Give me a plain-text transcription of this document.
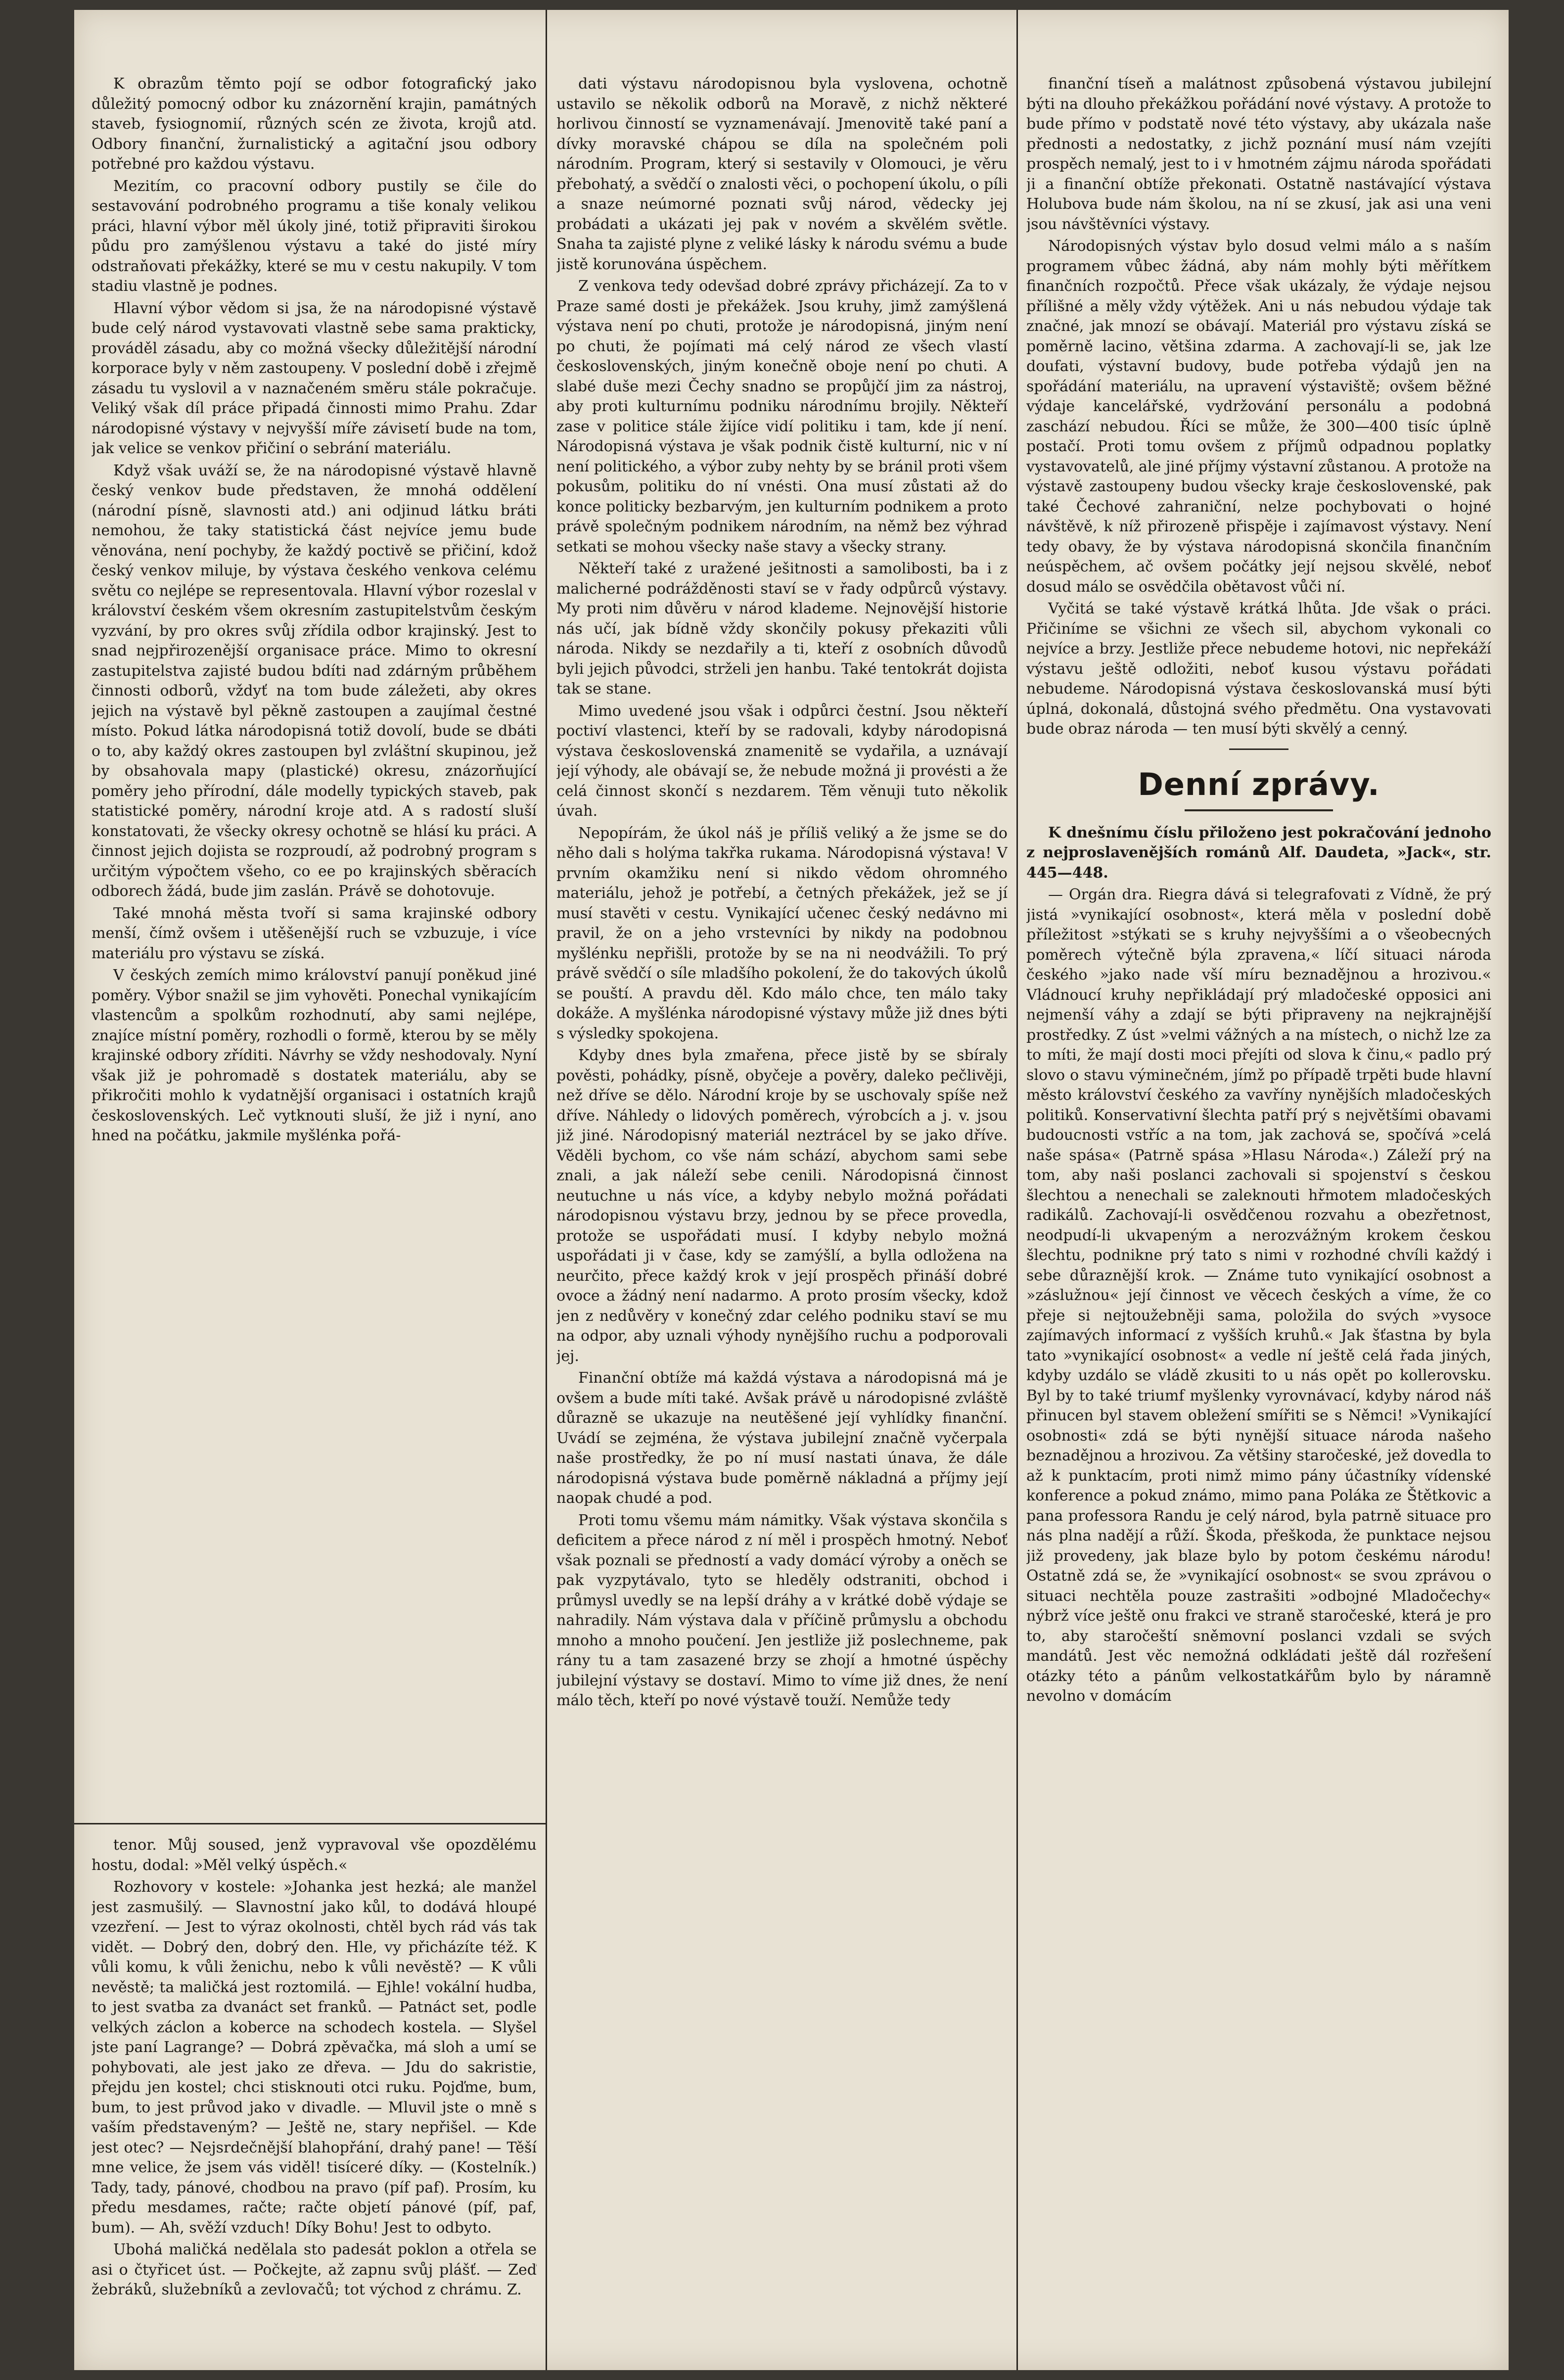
K obrazům těmto pojí se odbor fotografický jako důležitý pomocný odbor ku znázornění krajin, památných staveb, fysiognomií, různých scén ze života, krojů atd. Odbory finanční, žurnalistický a agitační jsou odbory potřebné pro každou výstavu.

Mezitím, co pracovní odbory pustily se čile do sestavování podrobného programu a tiše konaly velikou práci, hlavní výbor měl úkoly jiné, totiž připraviti širokou půdu pro zamýšlenou výstavu a také do jisté míry odstraňovati překážky, které se mu v cestu nakupily. V tom stadiu vlastně je podnes.

Hlavní výbor vědom si jsa, že na národopisné výstavě bude celý národ vystavovati vlastně sebe sama prakticky, prováděl zásadu, aby co možná všecky důležitější národní korporace byly v něm zastoupeny. V poslední době i zřejmě zásadu tu vyslovil a v naznačeném směru stále pokračuje. Veliký však díl práce připadá činnosti mimo Prahu. Zdar národopisné výstavy v nejvyšší míře závisetí bude na tom, jak velice se venkov přičiní o sebrání materiálu.

Když však uváží se, že na národopisné výstavě hlavně český venkov bude představen, že mnohá oddělení (národní písně, slavnosti atd.) ani odjinud látku bráti nemohou, že taky statistická část nejvíce jemu bude věnována, není pochyby, že každý poctivě se přičiní, kdož český venkov miluje, by výstava českého venkova celému světu co nejlépe se representovala. Hlavní výbor rozeslal v království českém všem okresním zastupitelstvům českým vyzvání, by pro okres svůj zřídila odbor krajinský. Jest to snad nejpřirozenější organisace práce. Mimo to okresní zastupitelstva zajisté budou bdíti nad zdárným průběhem činnosti odborů, vždyť na tom bude záležeti, aby okres jejich na výstavě byl pěkně zastoupen a zaujímal čestné místo. Pokud látka národopisná totiž dovolí, bude se dbáti o to, aby každý okres zastoupen byl zvláštní skupinou, jež by obsahovala mapy (plastické) okresu, znázorňující poměry jeho přírodní, dále modelly typických staveb, pak statistické poměry, národní kroje atd. A s radostí sluší konstatovati, že všecky okresy ochotně se hlásí ku práci. A činnost jejich dojista se rozproudí, až podrobný program s určitým výpočtem všeho, co ee po krajinských sběracích odborech žádá, bude jim zaslán. Právě se dohotovuje.

Také mnohá města tvoří si sama krajinské odbory menší, čímž ovšem i utěšenější ruch se vzbuzuje, i více materiálu pro výstavu se získá.

V českých zemích mimo království panují poněkud jiné poměry. Výbor snažil se jim vyhověti. Ponechal vynikajícím vlastencům a spolkům rozhodnutí, aby sami nejlépe, znajíce místní poměry, rozhodli o formě, kterou by se měly krajinské odbory zříditi. Návrhy se vždy neshodovaly. Nyní však již je pohromadě s dostatek materiálu, aby se přikročiti mohlo k vydatnější organisaci i ostatních krajů československých. Leč vytknouti sluší, že již i nyní, ano hned na počátku, jakmile myšlénka pořá-

tenor. Můj soused, jenž vypravoval vše opozdělému hostu, dodal: »Měl velký úspěch.«

Rozhovory v kostele: »Johanka jest hezká; ale manžel jest zasmušilý. — Slavnostní jako kůl, to dodává hloupé vzezření. — Jest to výraz okolnosti, chtěl bych rád vás tak vidět. — Dobrý den, dobrý den. Hle, vy přicházíte též. K vůli komu, k vůli ženichu, nebo k vůli nevěstě? — K vůli nevěstě; ta maličká jest roztomilá. — Ejhle! vokální hudba, to jest svatba za dvanáct set franků. — Patnáct set, podle velkých záclon a koberce na schodech kostela. — Slyšel jste paní Lagrange? — Dobrá zpěvačka, má sloh a umí se pohybovati, ale jest jako ze dřeva. — Jdu do sakristie, přejdu jen kostel; chci stisknouti otci ruku. Pojďme, bum, bum, to jest průvod jako v divadle. — Mluvil jste o mně s vaším představeným? — Ještě ne, stary nepřišel. — Kde jest otec? — Nejsrdečnější blahopřání, drahý pane! — Těší mne velice, že jsem vás viděl! tisíceré díky. — (Kostelník.) Tady, tady, pánové, chodbou na pravo (píf paf). Prosím, ku předu mesdames, račte; račte objetí pánové (píf, paf, bum). — Ah, svěží vzduch! Díky Bohu! Jest to odbyto.

Ubohá maličká nedělala sto padesát poklon a otřela se asi o čtyřicet úst. — Počkejte, až zapnu svůj plášť. — Zeď žebráků, služebníků a zevlovačů; tot východ z chrámu. Z.

dati výstavu národopisnou byla vyslovena, ochotně ustavilo se několik odborů na Moravě, z nichž některé horlivou činností se vyznamenávají. Jmenovitě také paní a dívky moravské chápou se díla na společném poli národním. Program, který si sestavily v Olomouci, je věru přebohatý, a svědčí o znalosti věci, o pochopení úkolu, o píli a snaze neúmorné poznati svůj národ, vědecky jej probádati a ukázati jej pak v novém a skvělém světle. Snaha ta zajisté plyne z veliké lásky k národu svému a bude jistě korunována úspěchem.

Z venkova tedy odevšad dobré zprávy přicházejí. Za to v Praze samé dosti je překážek. Jsou kruhy, jimž zamýšlená výstava není po chuti, protože je národopisná, jiným není po chuti, že pojímati má celý národ ze všech vlastí československých, jiným konečně oboje není po chuti. A slabé duše mezi Čechy snadno se propůjčí jim za nástroj, aby proti kulturnímu podniku národnímu brojily. Někteří zase v politice stále žijíce vidí politiku i tam, kde jí není. Národopisná výstava je však podnik čistě kulturní, nic v ní není politického, a výbor zuby nehty by se bránil proti všem pokusům, politiku do ní vnésti. Ona musí zůstati až do konce politicky bezbarvým, jen kulturním podnikem a proto právě společným podnikem národním, na němž bez výhrad setkati se mohou všecky naše stavy a všecky strany.

Někteří také z uražené ješitnosti a samolibosti, ba i z malicherné podrážděnosti staví se v řady odpůrců výstavy. My proti nim důvěru v národ klademe. Nejnovější historie nás učí, jak bídně vždy skončily pokusy překaziti vůli národa. Nikdy se nezdařily a ti, kteří z osobních důvodů byli jejich původci, strželi jen hanbu. Také tentokrát dojista tak se stane.

Mimo uvedené jsou však i odpůrci čestní. Jsou někteří poctiví vlastenci, kteří by se radovali, kdyby národopisná výstava československá znamenitě se vydařila, a uznávají její výhody, ale obávají se, že nebude možná ji provésti a že celá činnost skončí s nezdarem. Těm věnuji tuto několik úvah.

Nepopírám, že úkol náš je příliš veliký a že jsme se do něho dali s holýma takřka rukama. Národopisná výstava! V prvním okamžiku není si nikdo vědom ohromného materiálu, jehož je potřebí, a četných překážek, jež se jí musí stavěti v cestu. Vynikající učenec český nedávno mi pravil, že on a jeho vrstevníci by nikdy na podobnou myšlénku nepřišli, protože by se na ni neodvážili. To prý právě svědčí o síle mladšího pokolení, že do takových úkolů se pouští. A pravdu děl. Kdo málo chce, ten málo taky dokáže. A myšlénka národopisné výstavy může již dnes býti s výsledky spokojena.

Kdyby dnes byla zmařena, přece jistě by se sbíraly pověsti, pohádky, písně, obyčeje a pověry, daleko pečlivěji, než dříve se dělo. Národní kroje by se uschovaly spíše než dříve. Náhledy o lidových poměrech, výrobcích a j. v. jsou již jiné. Národopisný materiál neztrácel by se jako dříve. Věděli bychom, co vše nám schází, abychom sami sebe znali, a jak náleží sebe cenili. Národopisná činnost neutuchne u nás více, a kdyby nebylo možná pořádati národopisnou výstavu brzy, jednou by se přece provedla, protože se uspořádati musí. I kdyby nebylo možná uspořádati ji v čase, kdy se zamýšlí, a bylla odložena na neurčito, přece každý krok v její prospěch přináší dobré ovoce a žádný není nadarmo. A proto prosím všecky, kdož jen z nedůvěry v konečný zdar celého podniku staví se mu na odpor, aby uznali výhody nynějšího ruchu a podporovali jej.

Finanční obtíže má každá výstava a národopisná má je ovšem a bude míti také. Avšak právě u národopisné zvláště důrazně se ukazuje na neutěšené její vyhlídky finanční. Uvádí se zejména, že výstava jubilejní značně vyčerpala naše prostředky, že po ní musí nastati únava, že dále národopisná výstava bude poměrně nákladná a příjmy její naopak chudé a pod.

Proti tomu všemu mám námitky. Však výstava skončila s deficitem a přece národ z ní měl i prospěch hmotný. Neboť však poznali se předností a vady domácí výroby a oněch se pak vyzpytávalo, tyto se hleděly odstraniti, obchod i průmysl uvedly se na lepší dráhy a v krátké době výdaje se nahradily. Nám výstava dala v příčině průmyslu a obchodu mnoho a mnoho poučení. Jen jestliže již poslechneme, pak rány tu a tam zasazené brzy se zhojí a hmotné úspěchy jubilejní výstavy se dostaví. Mimo to víme již dnes, že není málo těch, kteří po nové výstavě touží. Nemůže tedy

finanční tíseň a malátnost způsobená výstavou jubilejní býti na dlouho překážkou pořádání nové výstavy. A protože to bude přímo v podstatě nové této výstavy, aby ukázala naše přednosti a nedostatky, z jichž poznání musí nám vzejíti prospěch nemalý, jest to i v hmotném zájmu národa spořádati ji a finanční obtíže překonati. Ostatně nastávající výstava Holubova bude nám školou, na ní se zkusí, jak asi una veni jsou návštěvníci výstavy.

Národopisných výstav bylo dosud velmi málo a s naším programem vůbec žádná, aby nám mohly býti měřítkem finančních rozpočtů. Přece však ukázaly, že výdaje nejsou přílišné a měly vždy výtěžek. Ani u nás nebudou výdaje tak značné, jak mnozí se obávají. Materiál pro výstavu získá se poměrně lacino, většina zdarma. A zachovají-li se, jak lze doufati, výstavní budovy, bude potřeba výdajů jen na spořádání materiálu, na upravení výstaviště; ovšem běžné výdaje kancelářské, vydržování personálu a podobná zaschází nebudou. Říci se může, že 300—400 tisíc úplně postačí. Proti tomu ovšem z příjmů odpadnou poplatky vystavovatelů, ale jiné příjmy výstavní zůstanou. A protože na výstavě zastoupeny budou všecky kraje československé, pak také Čechové zahraniční, nelze pochybovati o hojné návštěvě, k níž přirozeně přispěje i zajímavost výstavy. Není tedy obavy, že by výstava národopisná skončila finančním neúspěchem, ač ovšem počátky její nejsou skvělé, neboť dosud málo se osvědčila obětavost vůči ní.

Vyčitá se také výstavě krátká lhůta. Jde však o práci. Přičiníme se všichni ze všech sil, abychom vykonali co nejvíce a brzy. Jestliže přece nebudeme hotovi, nic nepřekáží výstavu ještě odložiti, neboť kusou výstavu pořádati nebudeme. Národopisná výstava českoslovanská musí býti úplná, dokonalá, důstojná svého předmětu. Ona vystavovati bude obraz národa — ten musí býti skvělý a cenný.

Denní zprávy.

K dnešnímu číslu přiloženo jest pokračování jednoho z nejproslavenějších románů Alf. Daudeta, »Jack«, str. 445—448.

— Orgán dra. Riegra dává si telegrafovati z Vídně, že prý jistá »vynikající osobnost«, která měla v poslední době příležitost »stýkati se s kruhy nejvyššími a o všeobecných poměrech výtečně býla zpravena,« líčí situaci národa českého »jako nade vší míru beznadějnou a hrozivou.« Vládnoucí kruhy nepřikládají prý mladočeské opposici ani nejmenší váhy a zdají se býti připraveny na nejkrajnější prostředky. Z úst »velmi vážných a na místech, o nichž lze za to míti, že mají dosti moci přejíti od slova k činu,« padlo prý slovo o stavu výminečném, jímž po případě trpěti bude hlavní město království českého za vavříny nynějších mladočeských politiků. Konservativní šlechta patří prý s největšími obavami budoucnosti vstříc a na tom, jak zachová se, spočívá »celá naše spása« (Patrně spása »Hlasu Národa«.) Záleží prý na tom, aby naši poslanci zachovali si spojenství s českou šlechtou a nenechali se zaleknouti hřmotem mladočeských radikálů. Zachovají-li osvědčenou rozvahu a obezřetnost, neodpudí-li ukvapeným a nerozvážným krokem českou šlechtu, podnikne prý tato s nimi v rozhodné chvíli každý i sebe důraznější krok. — Známe tuto vynikající osobnost a »záslužnou« její činnost ve věcech českých a víme, že co přeje si nejtoužebněji sama, položila do svých »vysoce zajímavých informací z vyšších kruhů.« Jak šťastna by byla tato »vynikající osobnost« a vedle ní ještě celá řada jiných, kdyby uzdálo se vládě zkusiti to u nás opět po kollerovsku. Byl by to také triumf myšlenky vyrovnávací, kdyby národ náš přinucen byl stavem obležení smířiti se s Němci! »Vynikající osobnosti« zdá se býti nynější situace národa našeho beznadějnou a hrozivou. Za většiny staročeské, jež dovedla to až k punktacím, proti nimž mimo pány účastníky vídenské konference a pokud známo, mimo pana Poláka ze Štětkovic a pana professora Randu je celý národ, byla patrně situace pro nás plna nadějí a růží. Škoda, přeškoda, že punktace nejsou již provedeny, jak blaze bylo by potom českému národu! Ostatně zdá se, že »vynikající osobnost« se svou zprávou o situaci nechtěla pouze zastrašiti »odbojné Mladočechy« nýbrž více ještě onu frakci ve straně staročeské, která je pro to, aby staročeští sněmovní poslanci vzdali se svých mandátů. Jest věc nemožná odkládati ještě dál rozřešení otázky této a pánům velkostatkářům bylo by náramně nevolno v domácím
